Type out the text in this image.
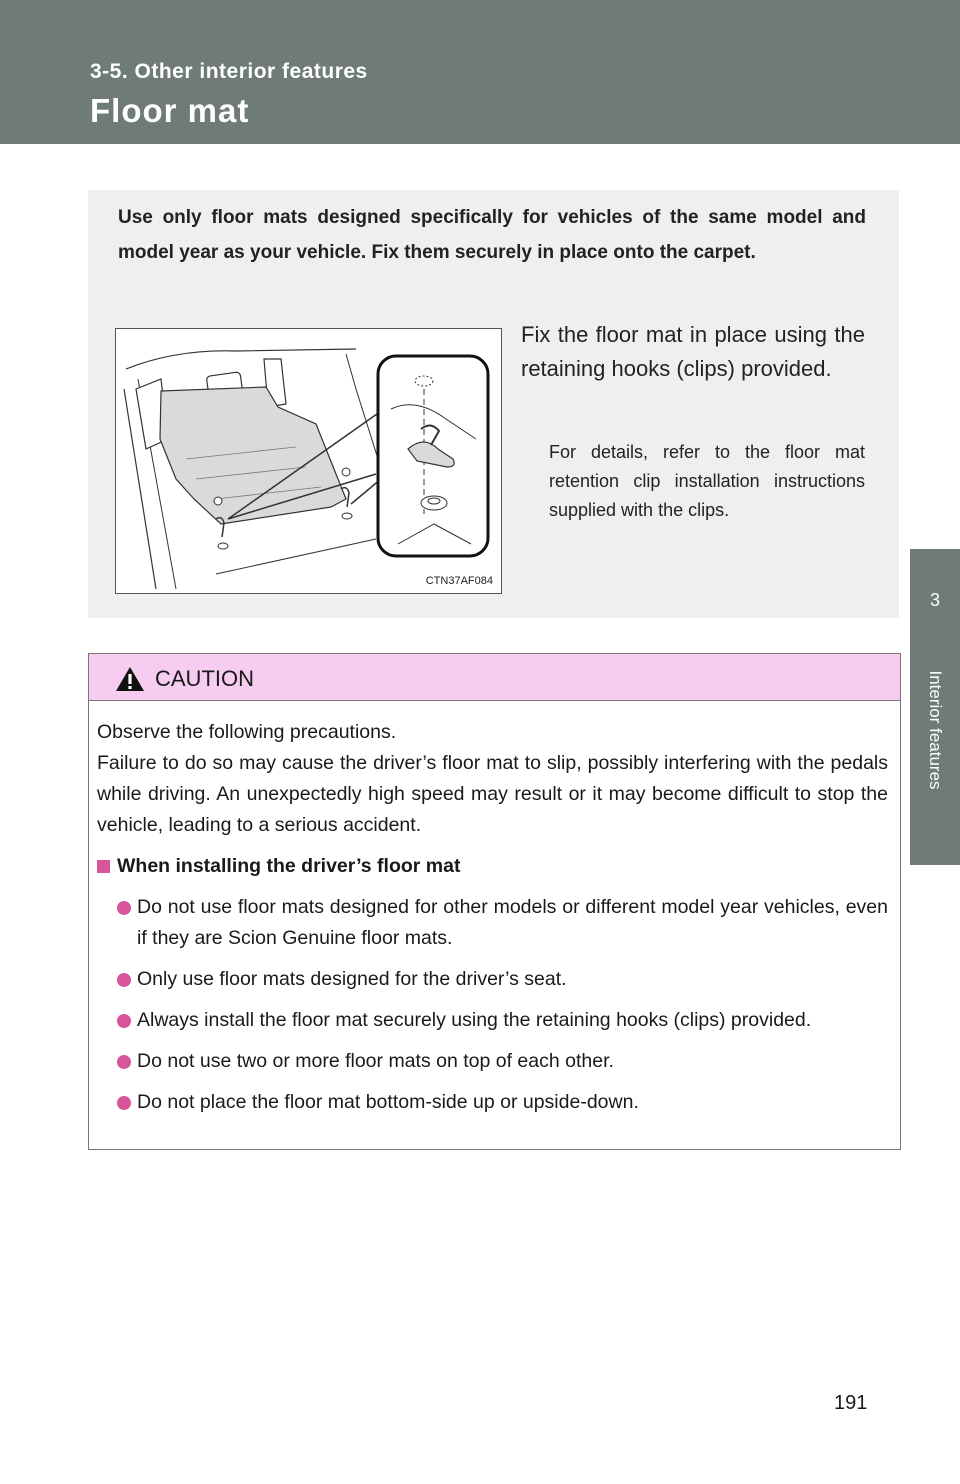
3-5. Other interior features
Floor mat
3
Interior features
Use only floor mats designed specifically for vehicles of the same model and model year as your vehicle. Fix them securely in place onto the carpet.
CTN37AF084
Fix the floor mat in place using the retaining hooks (clips) provided.
For details, refer to the floor mat retention clip installation instructions supplied with the clips.
CAUTION

Observe the following precautions.

Failure to do so may cause the driver’s floor mat to slip, possibly interfering with the pedals while driving. An unexpectedly high speed may result or it may become difficult to stop the vehicle, leading to a serious accident.

When installing the driver’s floor mat

Do not use floor mats designed for other models or different model year vehicles, even if they are Scion Genuine floor mats.
Only use floor mats designed for the driver’s seat.
Always install the floor mat securely using the retaining hooks (clips) provided.
Do not use two or more floor mats on top of each other.
Do not place the floor mat bottom-side up or upside-down.
191
